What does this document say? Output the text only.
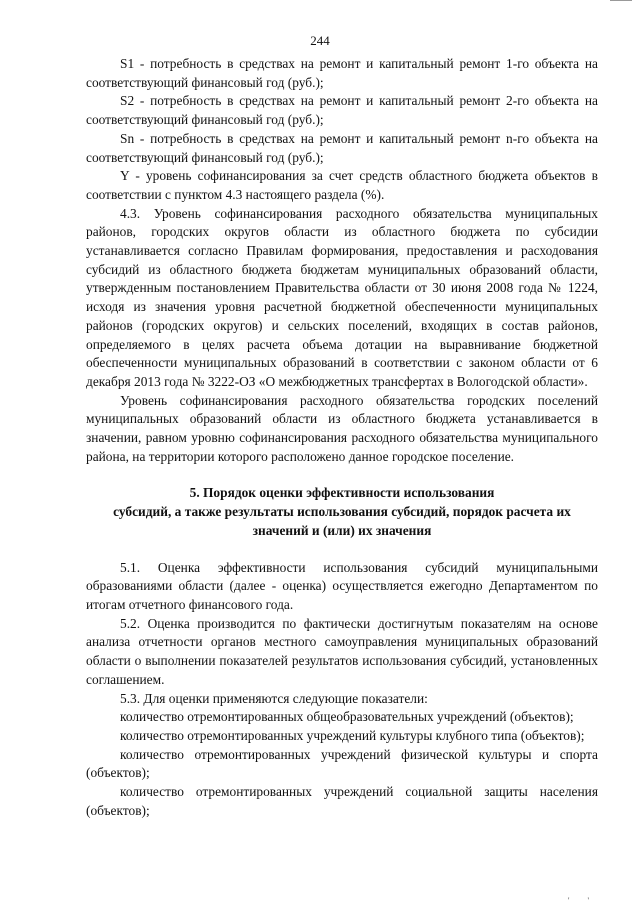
244

S1 - потребность в средствах на ремонт и капитальный ремонт 1-го объекта на соответствующий финансовый год (руб.);

S2 - потребность в средствах на ремонт и капитальный ремонт 2-го объекта на соответствующий финансовый год (руб.);

Sn - потребность в средствах на ремонт и капитальный ремонт n-го объекта на соответствующий финансовый год (руб.);

Y - уровень софинансирования за счет средств областного бюджета объектов в соответствии с пунктом 4.3 настоящего раздела (%).

4.3. Уровень софинансирования расходного обязательства муниципальных районов, городских округов области из областного бюджета по субсидии устанавливается согласно Правилам формирования, предоставления и расходования субсидий из областного бюджета бюджетам муниципальных образований области, утвержденным постановлением Правительства области от 30 июня 2008 года № 1224, исходя из значения уровня расчетной бюджетной обеспеченности муниципальных районов (городских округов) и сельских поселений, входящих в состав районов, определяемого в целях расчета объема дотации на выравнивание бюджетной обеспеченности муниципальных образований в соответствии с законом области от 6 декабря 2013 года № 3222-ОЗ «О межбюджетных трансфертах в Вологодской области».

Уровень софинансирования расходного обязательства городских поселений муниципальных образований области из областного бюджета устанавливается в значении, равном уровню софинансирования расходного обязательства муниципального района, на территории которого расположено данное городское поселение.

5. Порядок оценки эффективности использования
субсидий, а также результаты использования субсидий, порядок расчета их
значений и (или) их значения

5.1. Оценка эффективности использования субсидий муниципальными образованиями области (далее - оценка) осуществляется ежегодно Департаментом по итогам отчетного финансового года.

5.2. Оценка производится по фактически достигнутым показателям на основе анализа отчетности органов местного самоуправления муниципальных образований области о выполнении показателей результатов использования субсидий, установленных соглашением.

5.3. Для оценки применяются следующие показатели:

количество отремонтированных общеобразовательных учреждений (объектов);

количество отремонтированных учреждений культуры клубного типа (объектов);

количество отремонтированных учреждений физической культуры и спорта (объектов);

количество отремонтированных учреждений социальной защиты населения (объектов);

' '
